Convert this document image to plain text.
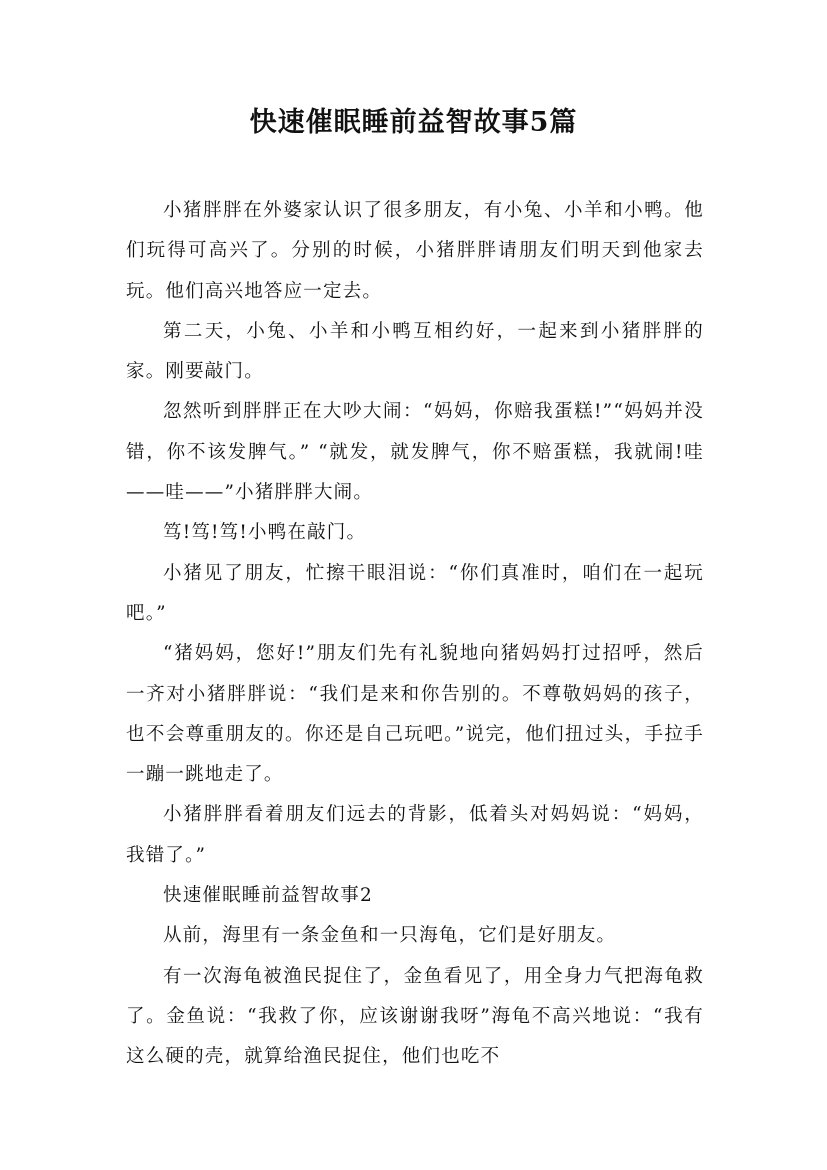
快速催眠睡前益智故事5篇

小猪胖胖在外婆家认识了很多朋友，有小兔、小羊和小鸭。他们玩得可高兴了。分别的时候，小猪胖胖请朋友们明天到他家去玩。他们高兴地答应一定去。

第二天，小兔、小羊和小鸭互相约好，一起来到小猪胖胖的家。刚要敲门。

忽然听到胖胖正在大吵大闹：“妈妈，你赔我蛋糕!”“妈妈并没错，你不该发脾气。” “就发，就发脾气，你不赔蛋糕，我就闹!哇——哇——”小猪胖胖大闹。

笃!笃!笃!小鸭在敲门。

小猪见了朋友，忙擦干眼泪说：“你们真准时，咱们在一起玩吧。”

“猪妈妈，您好!”朋友们先有礼貌地向猪妈妈打过招呼，然后一齐对小猪胖胖说：“我们是来和你告别的。不尊敬妈妈的孩子，也不会尊重朋友的。你还是自己玩吧。”说完，他们扭过头，手拉手一蹦一跳地走了。

小猪胖胖看着朋友们远去的背影，低着头对妈妈说：“妈妈，我错了。”

快速催眠睡前益智故事2

从前，海里有一条金鱼和一只海龟，它们是好朋友。

有一次海龟被渔民捉住了，金鱼看见了，用全身力气把海龟救了。金鱼说：“我救了你，应该谢谢我呀”海龟不高兴地说：“我有这么硬的壳，就算给渔民捉住，他们也吃不
